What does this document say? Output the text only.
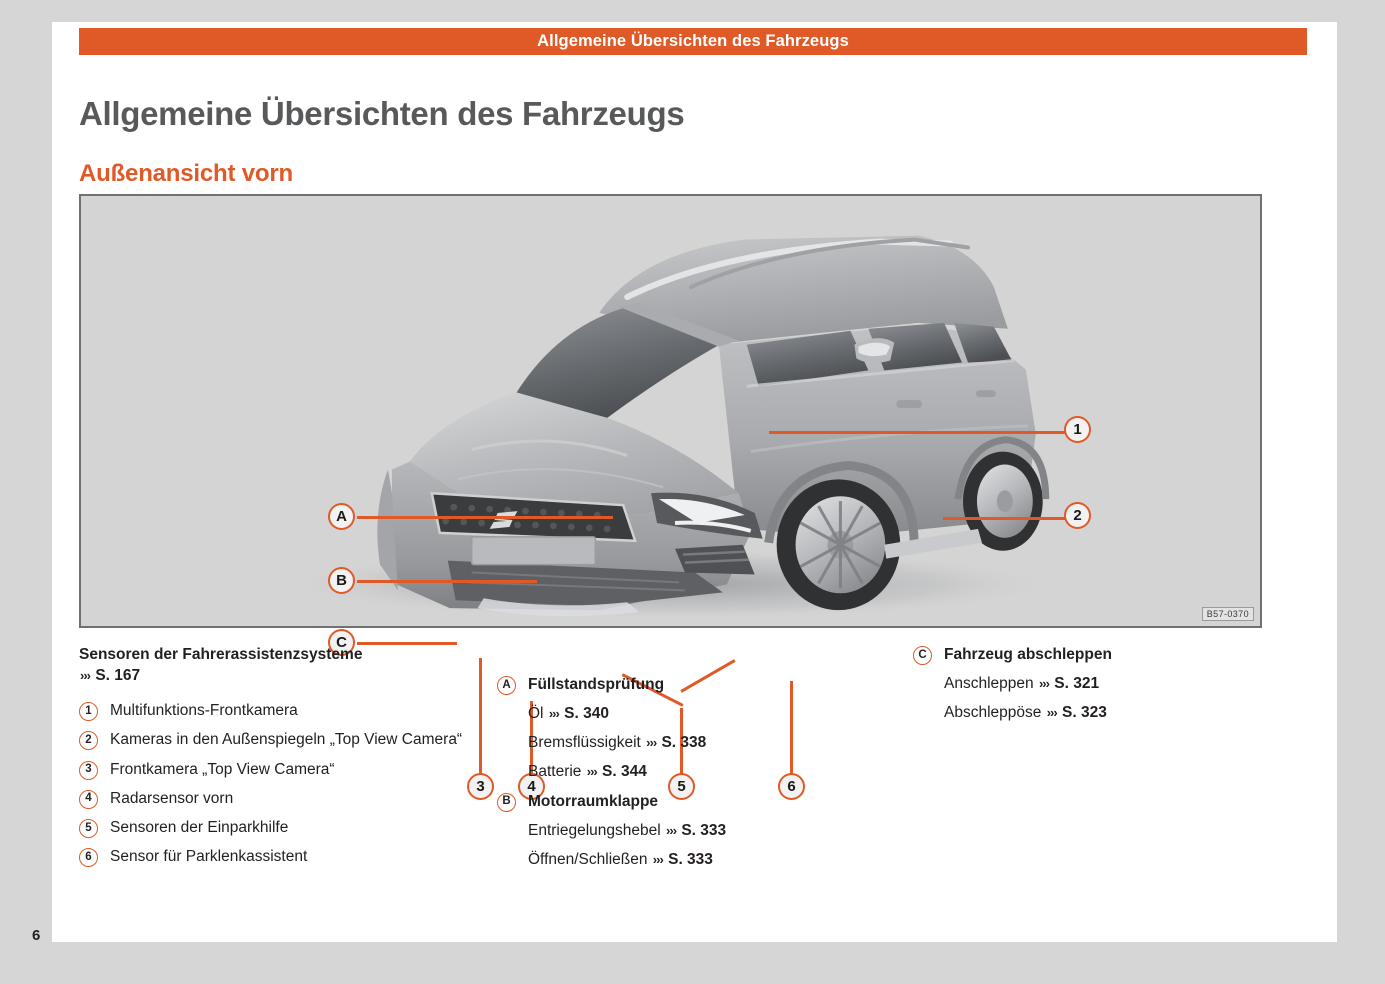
Allgemeine Übersichten des Fahrzeugs
Allgemeine Übersichten des Fahrzeugs
Außenansicht vorn
1
2
A
B
C
3	4	5	6
B57-0370
Sensoren der Fahrerassistenzsysteme
››› S. 167
1	Multifunktions-Frontkamera
2	Kameras in den Außenspiegeln „Top View Camera“
3	Frontkamera „Top View Camera“
4	Radarsensor vorn
5	Sensoren der Einparkhilfe
6	Sensor für Parklenkassistent
A	Füllstandsprüfung
Öl ››› S. 340
Bremsflüssigkeit ››› S. 338
Batterie ››› S. 344
B	Motorraumklappe
Entriegelungshebel ››› S. 333
Öffnen/Schließen ››› S. 333
C	Fahrzeug abschleppen
Anschleppen ››› S. 321
Abschleppöse ››› S. 323
6
